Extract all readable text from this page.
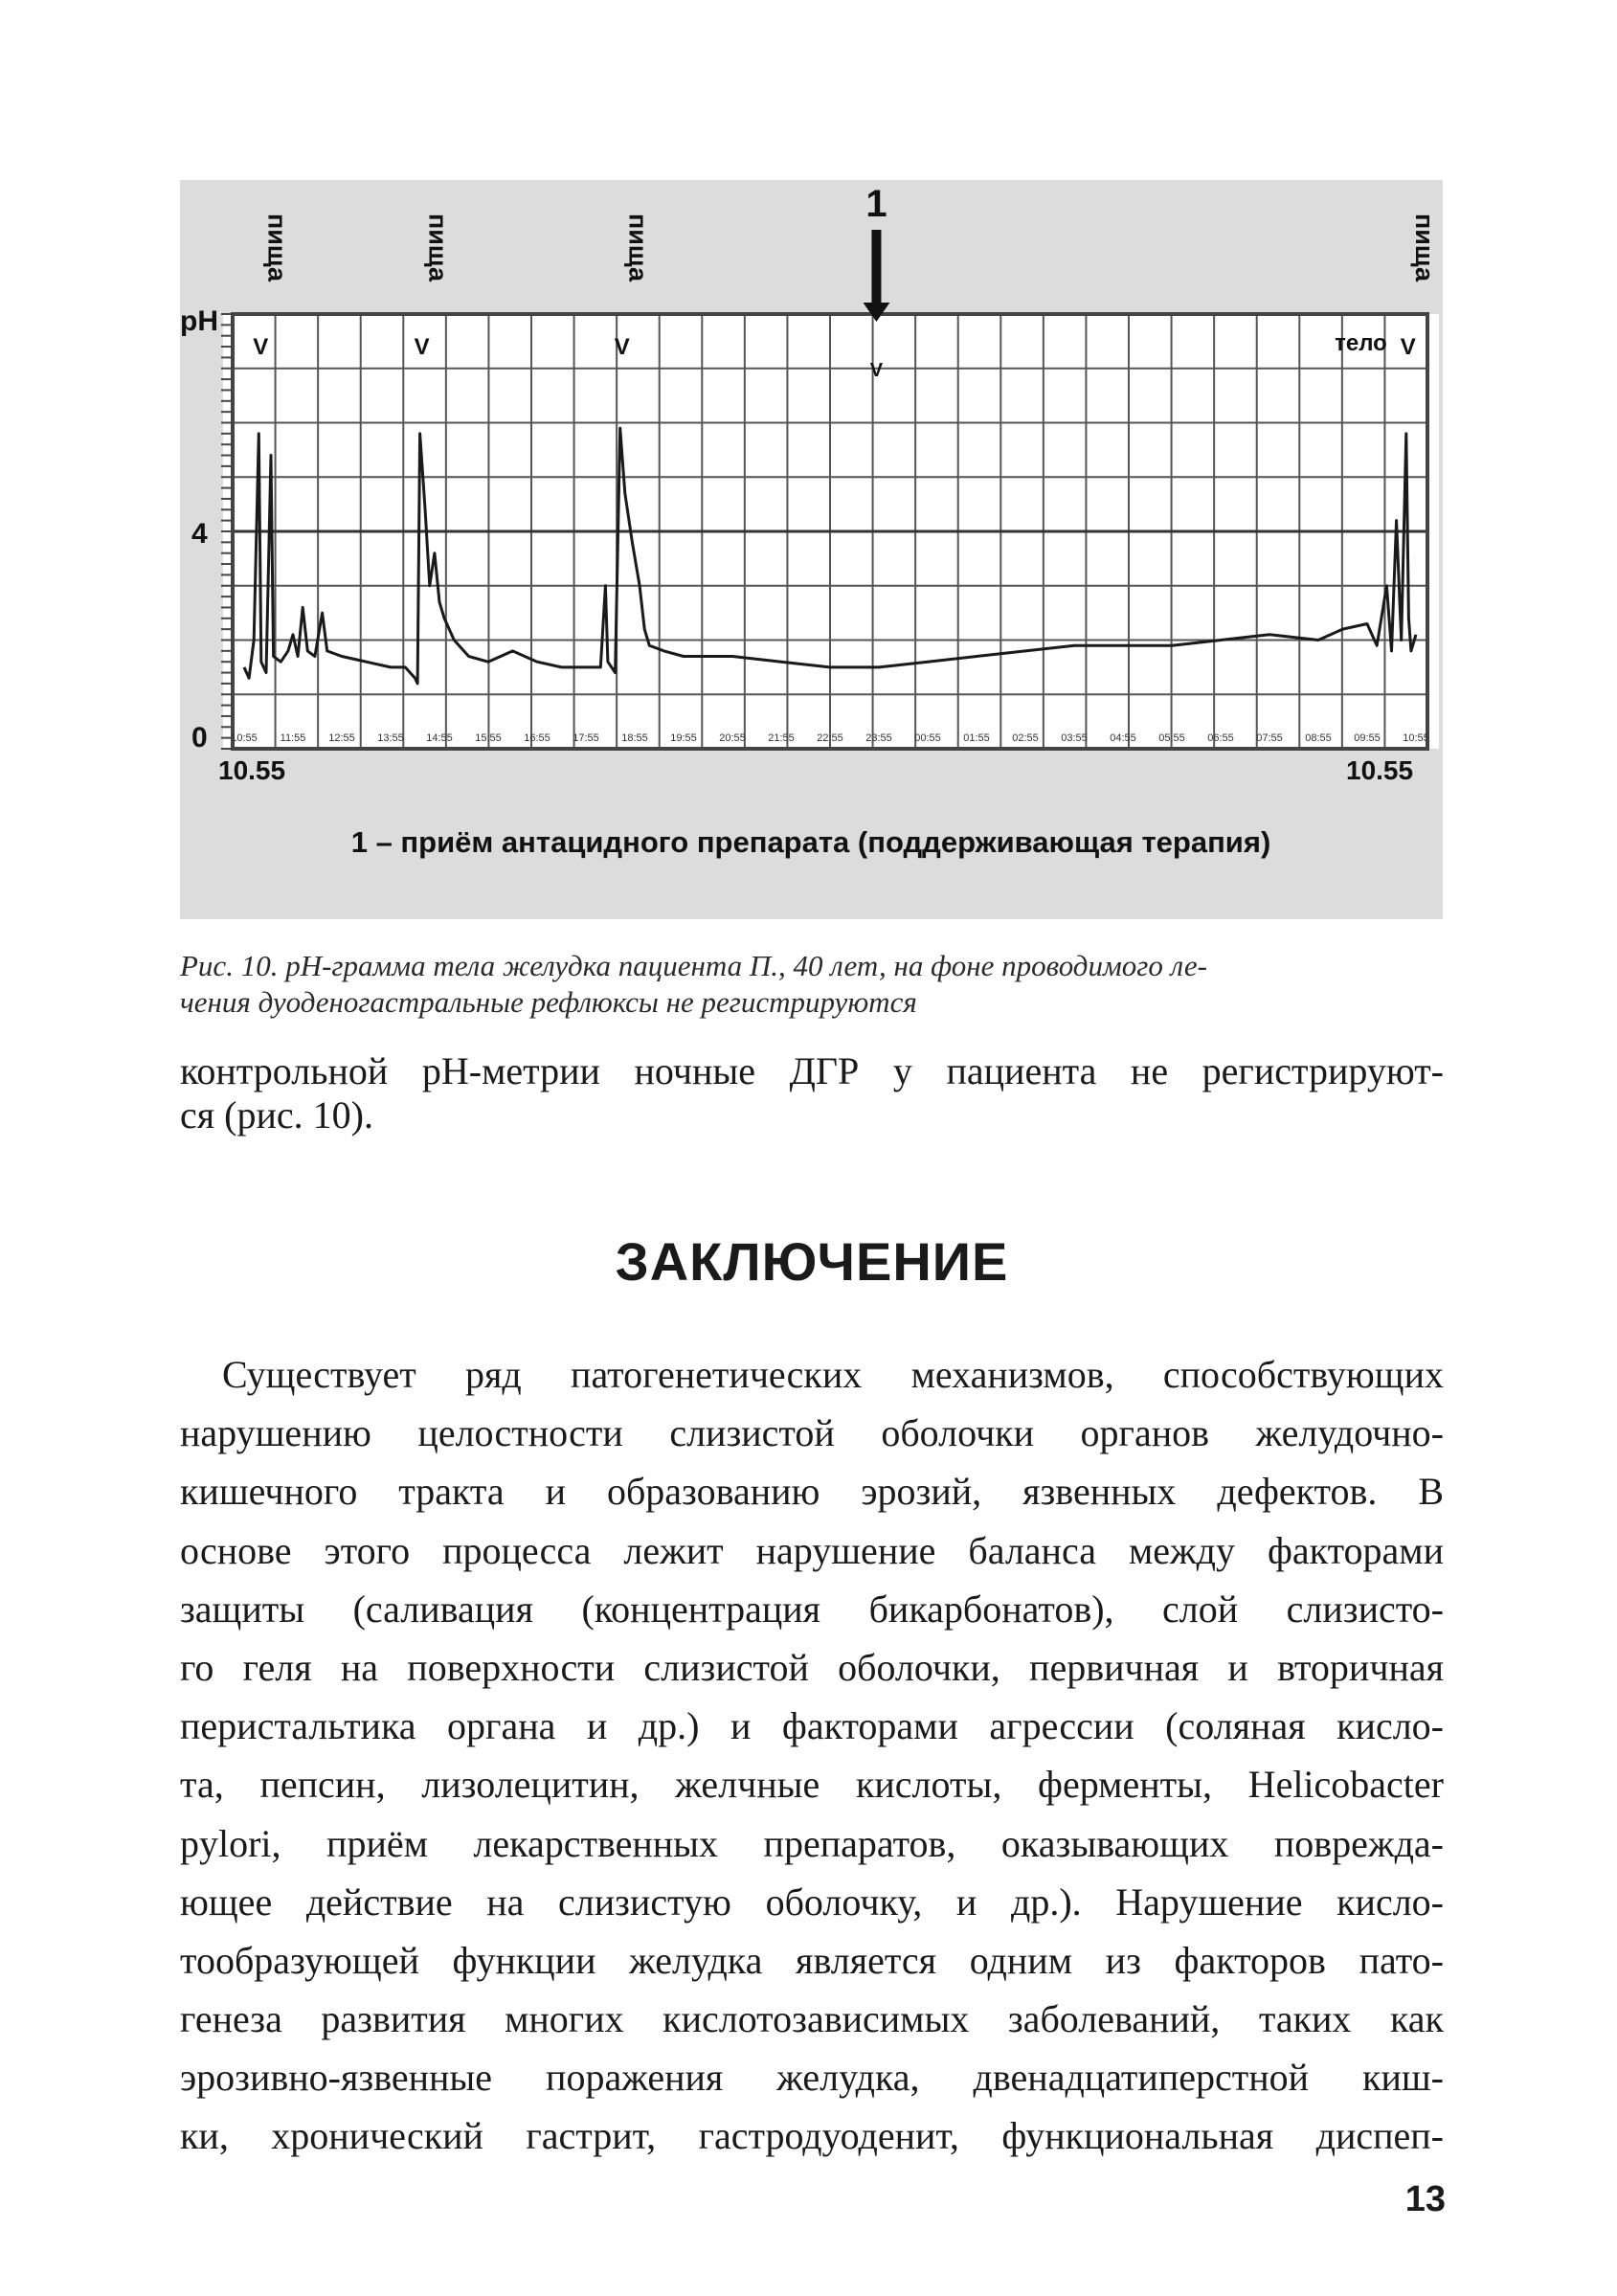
pH
4
0 10:55 11:55 12:55 13:55 14:55 15:55 16:55 17:55 18:55 19:55 20:55 21:55 22:55 23:55 00:55 01:55 02:55 03:55 04:55 05:55 06:55 07:55 08:55 09:55 10:55
10.55	10.55
пища
V
пища
V
пища
V
1
V
пища
V
тело
1 – приём антацидного препарата (поддерживающая терапия)
Рис. 10. рН-грамма тела желудка пациента П., 40 лет, на фоне проводимого ле-
чения дуоденогастральные рефлюксы не регистрируются
контрольной рН-метрии ночные ДГР у пациента не регистрируют-
ся (рис. 10).
ЗАКЛЮЧЕНИЕ
Существует ряд патогенетических механизмов, способствующих
нарушению целостности слизистой оболочки органов желудочно-
кишечного тракта и образованию эрозий, язвенных дефектов. В
основе этого процесса лежит нарушение баланса между факторами
защиты (саливация (концентрация бикарбонатов), слой слизисто-
го геля на поверхности слизистой оболочки, первичная и вторичная
перистальтика органа и др.) и факторами агрессии (соляная кисло-
та, пепсин, лизолецитин, желчные кислоты, ферменты, Helicobacter
pylori, приём лекарственных препаратов, оказывающих поврежда-
ющее действие на слизистую оболочку, и др.). Нарушение кисло-
тообразующей функции желудка является одним из факторов пато-
генеза развития многих кислотозависимых заболеваний, таких как
эрозивно-язвенные поражения желудка, двенадцатиперстной киш-
ки, хронический гастрит, гастродуоденит, функциональная диспеп-
13
